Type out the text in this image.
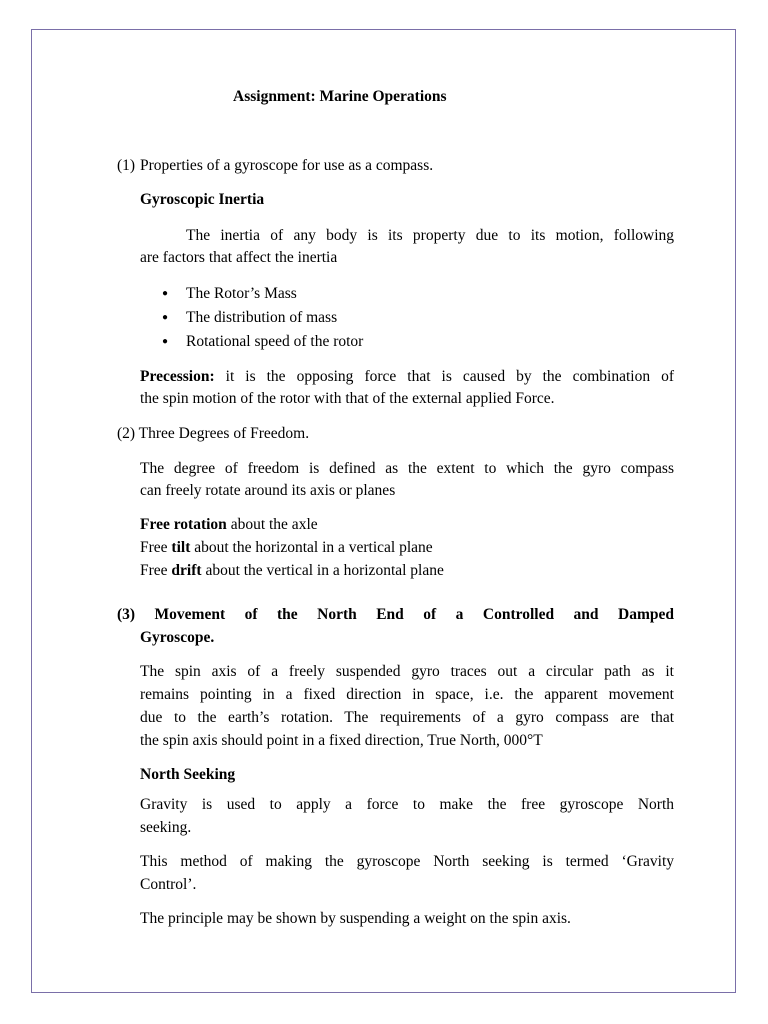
Assignment: Marine Operations
(1) Properties of a gyroscope for use as a compass.
Gyroscopic Inertia
The inertia of any body is its property due to its motion, following
are factors that affect the inertia
● The Rotor’s Mass
● The distribution of mass
● Rotational speed of the rotor
Precession: it is the opposing force that is caused by the combination of
the spin motion of the rotor with that of the external applied Force.
(2) Three Degrees of Freedom.
The degree of freedom is defined as the extent to which the gyro compass
can freely rotate around its axis or planes
Free rotation about the axle
Free tilt about the horizontal in a vertical plane
Free drift about the vertical in a horizontal plane
(3) Movement of the North End of a Controlled and Damped
Gyroscope.
The spin axis of a freely suspended gyro traces out a circular path as it
remains pointing in a fixed direction in space, i.e. the apparent movement
due to the earth’s rotation. The requirements of a gyro compass are that
the spin axis should point in a fixed direction, True North, 000°T
North Seeking
Gravity is used to apply a force to make the free gyroscope North
seeking.
This method of making the gyroscope North seeking is termed ‘Gravity
Control’.
The principle may be shown by suspending a weight on the spin axis.
